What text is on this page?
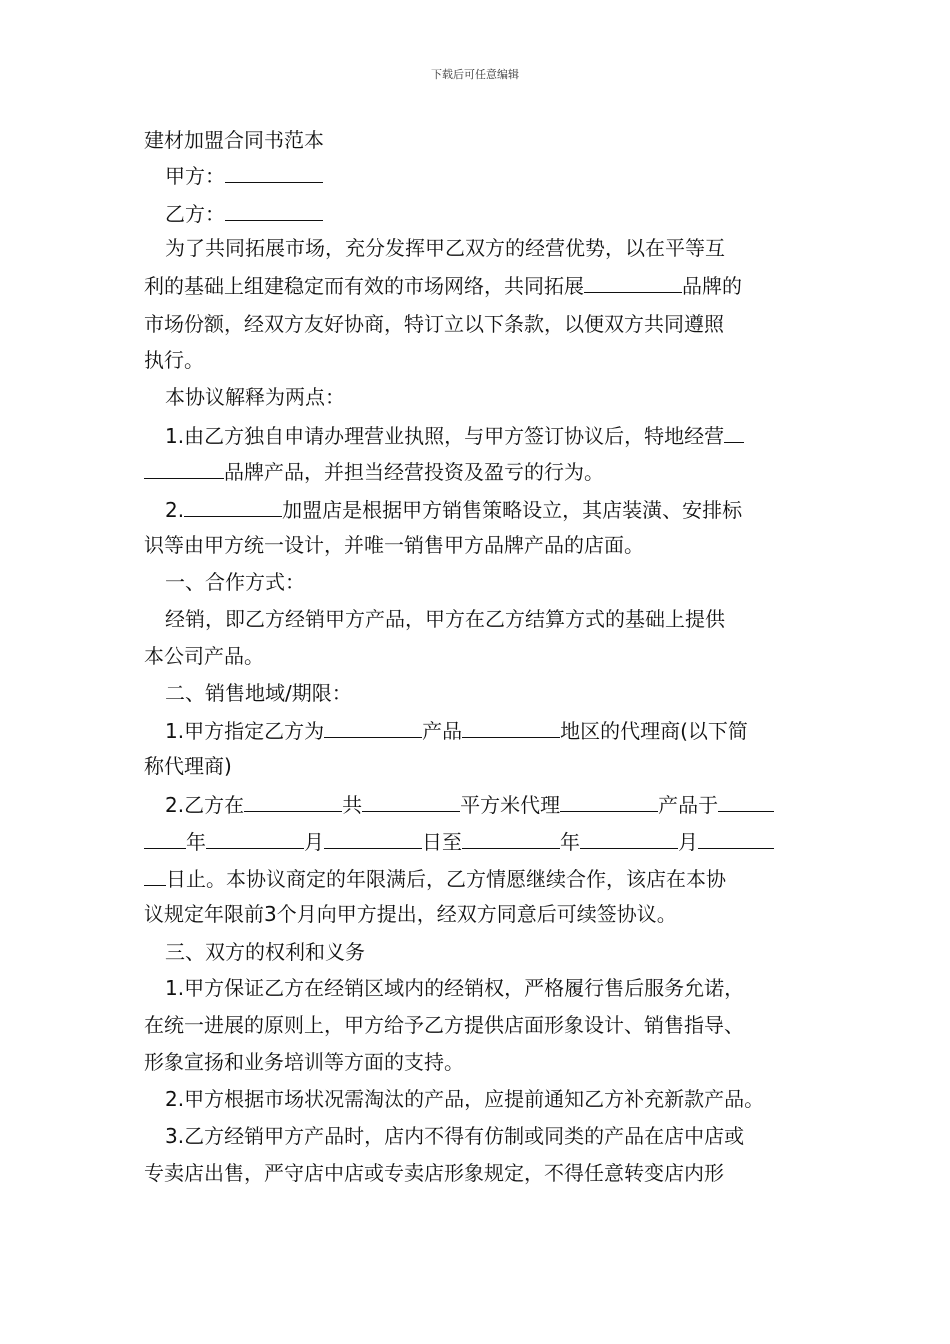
下载后可任意编辑
建材加盟合同书范本
甲方：
乙方：
为了共同拓展市场，充分发挥甲乙双方的经营优势，以在平等互
利的基础上组建稳定而有效的市场网络，共同拓展	品牌的
市场份额，经双方友好协商，特订立以下条款，以便双方共同遵照
执行。
本协议解释为两点：
1.由乙方独自申请办理营业执照，与甲方签订协议后，特地经营
品牌产品，并担当经营投资及盈亏的行为。
2.	加盟店是根据甲方销售策略设立，其店装潢、安排标
识等由甲方统一设计，并唯一销售甲方品牌产品的店面。
一、合作方式：
经销，即乙方经销甲方产品，甲方在乙方结算方式的基础上提供
本公司产品。
二、销售地域/期限：
1.甲方指定乙方为	产品	地区的代理商(以下简
称代理商)
2.乙方在	共	平方米代理	产品于
年	月	日至	年	月
日止。本协议商定的年限满后，乙方情愿继续合作，该店在本协
议规定年限前3个月向甲方提出，经双方同意后可续签协议。
三、双方的权利和义务
1.甲方保证乙方在经销区域内的经销权，严格履行售后服务允诺，
在统一进展的原则上，甲方给予乙方提供店面形象设计、销售指导、
形象宣扬和业务培训等方面的支持。
2.甲方根据市场状况需淘汰的产品，应提前通知乙方补充新款产品。
3.乙方经销甲方产品时，店内不得有仿制或同类的产品在店中店或
专卖店出售，严守店中店或专卖店形象规定，不得任意转变店内形
